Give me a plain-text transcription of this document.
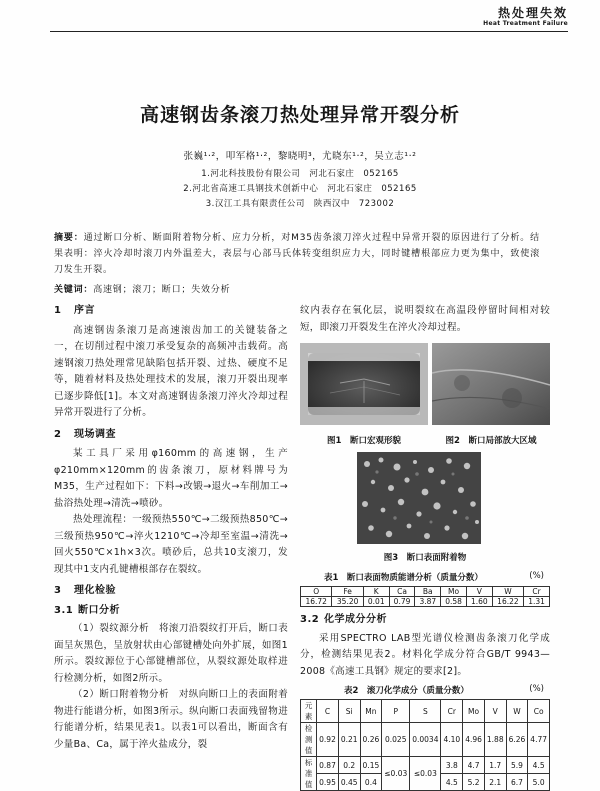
热处理失效
Heat Treatment Failure
高速钢齿条滚刀热处理异常开裂分析
张巍¹·²，叩军格¹·²，黎晓明³，尤晓东¹·²，吴立志¹·²
1.河北科技股份有限公司　河北石家庄　052165
2.河北省高速工具钢技术创新中心　河北石家庄　052165
3.汉江工具有限责任公司　陕西汉中　723002
摘要：通过断口分析、断面附着物分析、应力分析，对M35齿条滚刀淬火过程中异常开裂的原因进行了分析。结果表明：淬火冷却时滚刀内外温差大，表层与心部马氏体转变组织应力大，同时键槽根部应力更为集中，致使滚刀发生开裂。
关键词：高速钢；滚刀；断口；失效分析
1 序言
高速钢齿条滚刀是高速滚齿加工的关键装备之一，在切削过程中滚刀承受复杂的高频冲击载荷。高速钢滚刀热处理常见缺陷包括开裂、过热、硬度不足等，随着材料及热处理技术的发展，滚刀开裂出现率已逐步降低[1]。本文对高速钢齿条滚刀淬火冷却过程异常开裂进行了分析。
2 现场调查
某工具厂采用φ160mm的高速钢，生产φ210mm×120mm的齿条滚刀，原材料牌号为M35，生产过程如下：下料→改锻→退火→车削加工→盐浴热处理→清洗→喷砂。
热处理流程：一级预热550℃→二级预热850℃→三级预热950℃→淬火1210℃→冷却至室温→清洗→回火550℃×1h×3次。喷砂后，总共10支滚刀，发现其中1支内孔键槽根部存在裂纹。
3 理化检验
3.1 断口分析
（1）裂纹源分析　将滚刀沿裂纹打开后，断口表面呈灰黑色，呈放射状由心部键槽处向外扩展，如图1所示。裂纹源位于心部键槽部位，从裂纹源处取样进行检测分析，如图2所示。
（2）断口附着物分析　对纵向断口上的表面附着物进行能谱分析，如图3所示。纵向断口表面残留物进行能谱分析，结果见表1。以表1可以看出，断面含有少量Ba、Ca，属于淬火盐成分，裂
纹内表存在氧化层，说明裂纹在高温段停留时间相对较短，即滚刀开裂发生在淬火冷却过程。
图1　断口宏观形貌	图2　断口局部放大区域
图3　断口表面附着物
表1　断口表面物质能谱分析（质量分数）	(%)
O	Fe	K	Ca	Ba	Mo	V	W	Cr
16.72	35.20	0.01	0.79	3.87	0.58	1.60	16.22	1.31
3.2 化学成分分析
采用SPECTRO LAB型光谱仪检测齿条滚刀化学成分，检测结果见表2。材料化学成分符合GB/T 9943—2008《高速工具钢》规定的要求[2]。
表2　滚刀化学成分（质量分数）	(%)
元素	C	Si	Mn	P	S	Cr	Mo	V	W	Co
检测值	0.92	0.21	0.26	0.025	0.0034	4.10	4.96	1.88	6.26	4.77
标准值	0.87	0.2	0.15	≤0.03	≤0.03	3.8	4.7	1.7	5.9	4.5
	0.95	0.45	0.4			4.5	5.2	2.1	6.7	5.0
